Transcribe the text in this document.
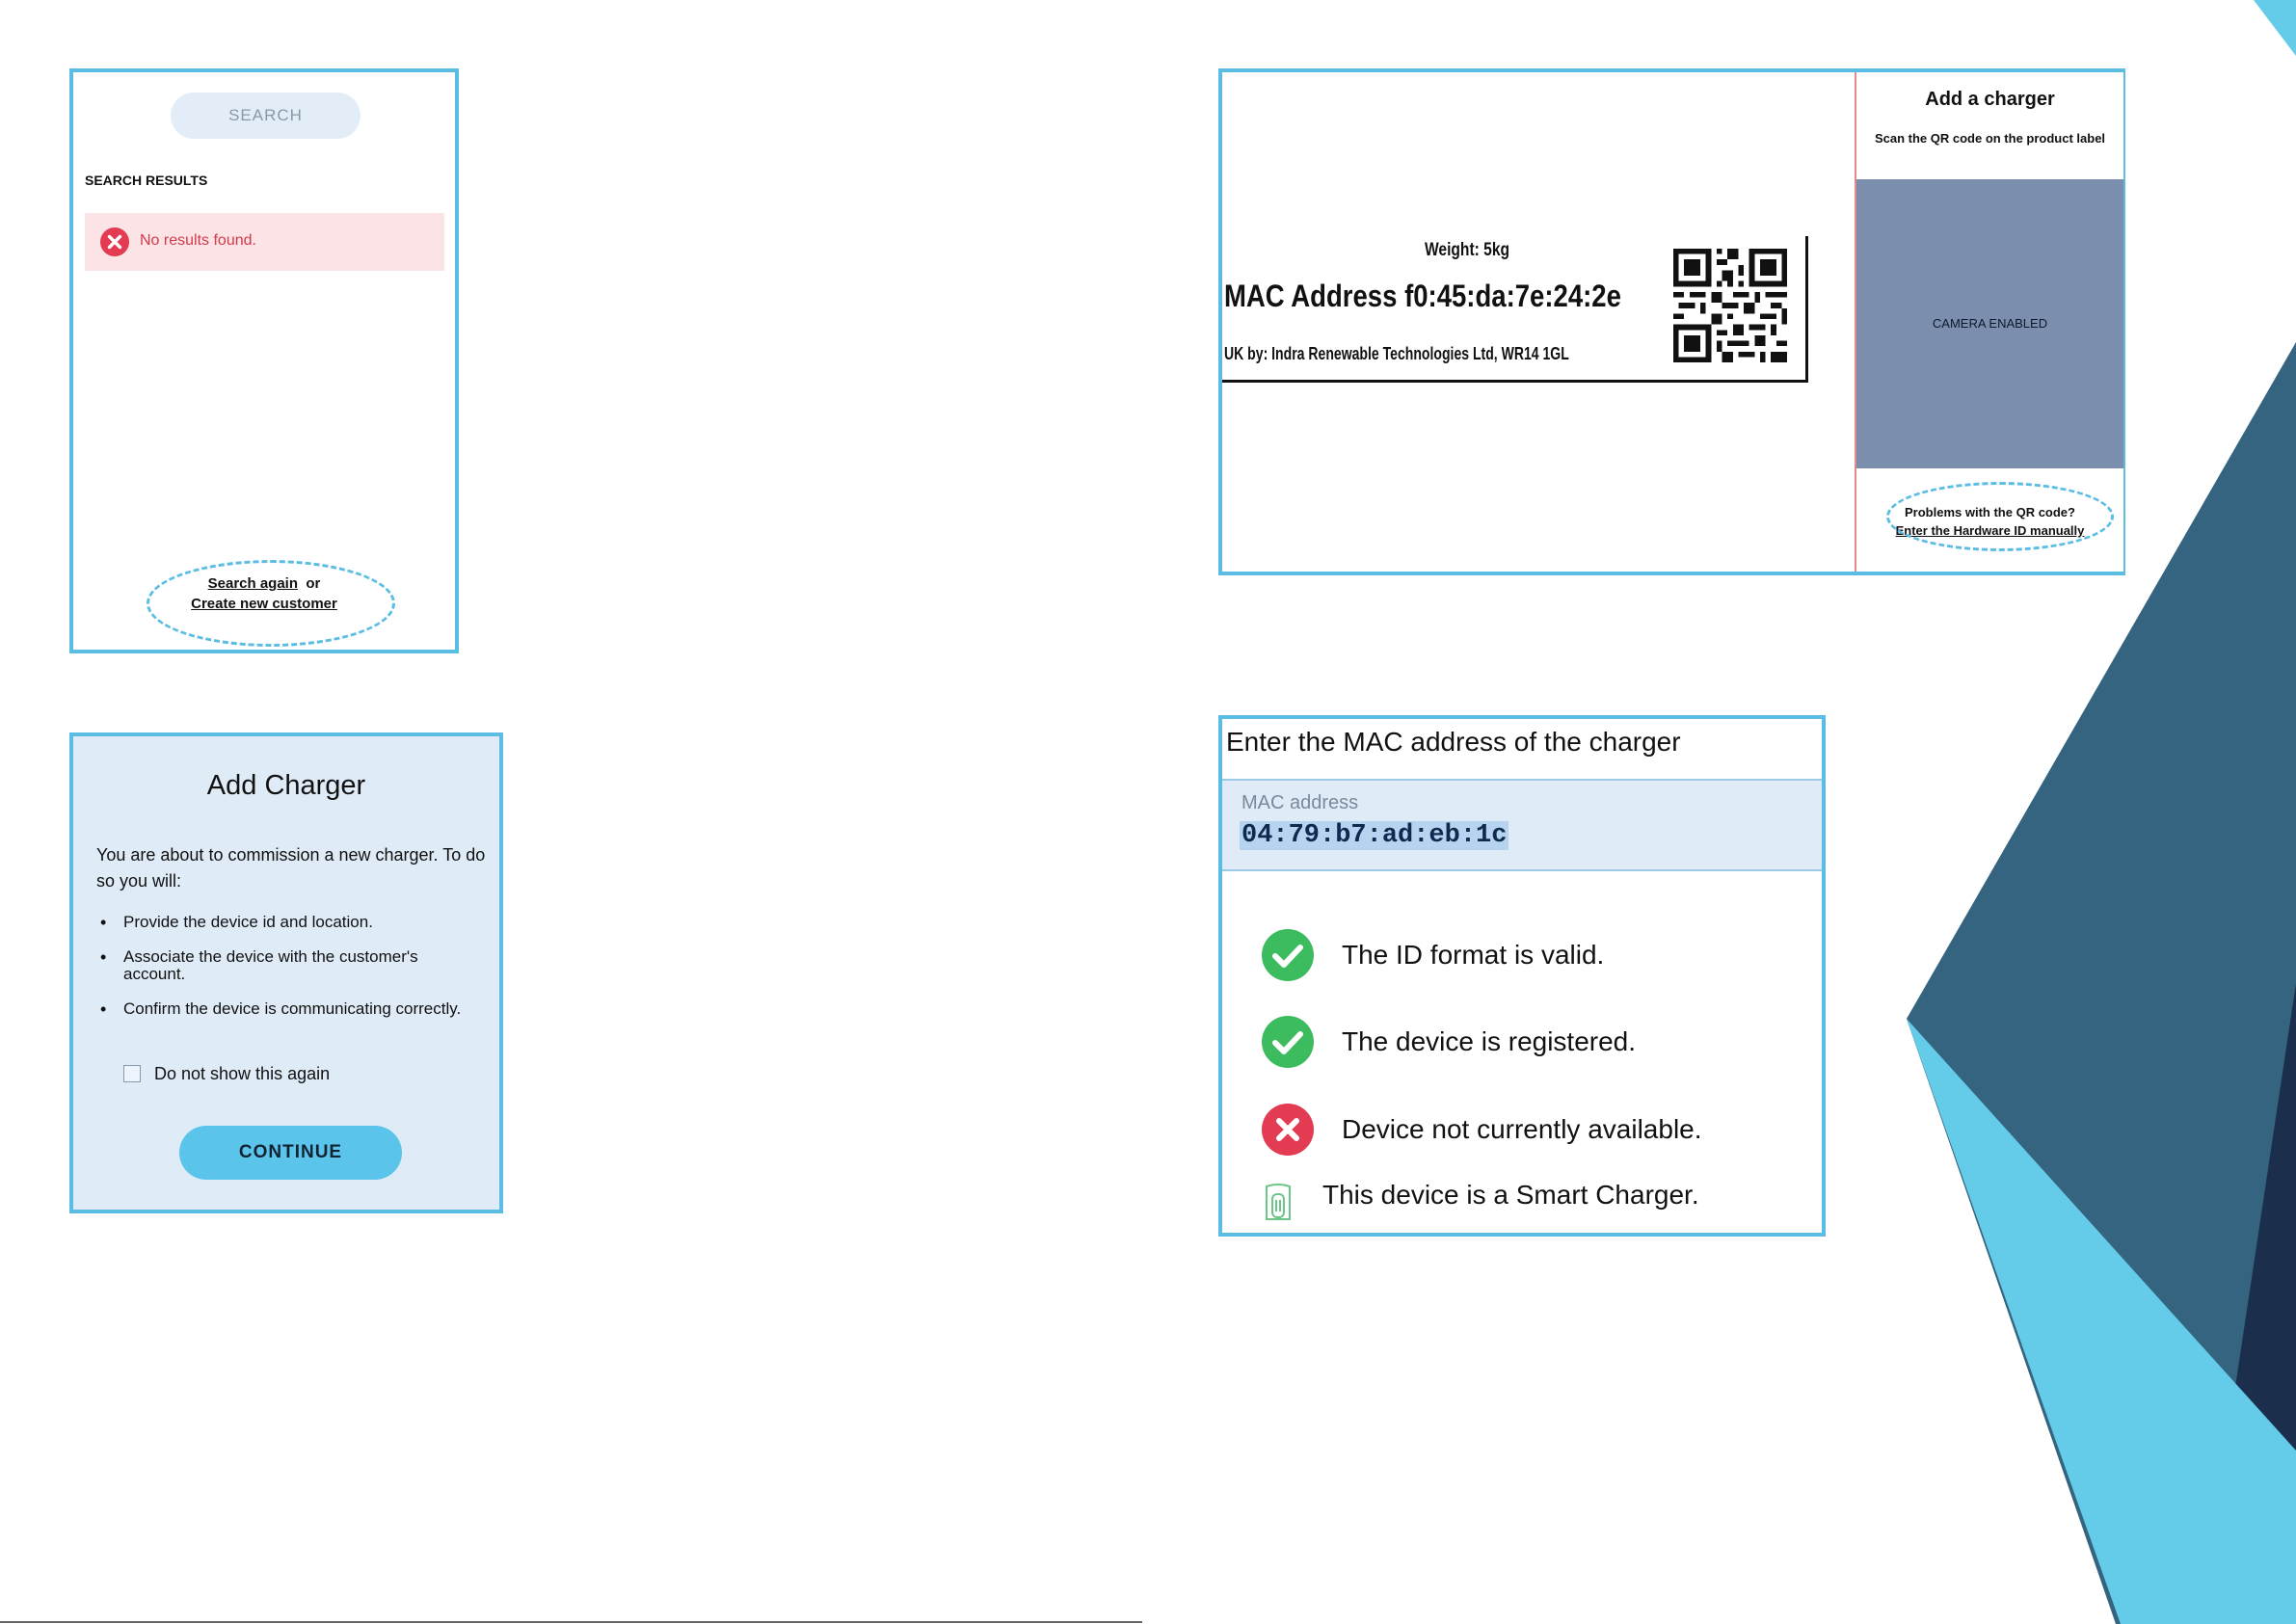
SEARCH
SEARCH RESULTS
No results found.
Search again or
Create new customer
Add Charger
You are about to commission a new charger. To do so you will:
• Provide the device id and location.
• Associate the device with the customer's account.
• Confirm the device is communicating correctly.
Do not show this again
CONTINUE
Weight: 5kg
MAC Address f0:45:da:7e:24:2e
UK by: Indra Renewable Technologies Ltd, WR14 1GL
Add a charger
Scan the QR code on the product label
CAMERA ENABLED
Problems with the QR code?
Enter the Hardware ID manually
Enter the MAC address of the charger
MAC address
04:79:b7:ad:eb:1c
The ID format is valid.
The device is registered.
Device not currently available.
This device is a Smart Charger.
